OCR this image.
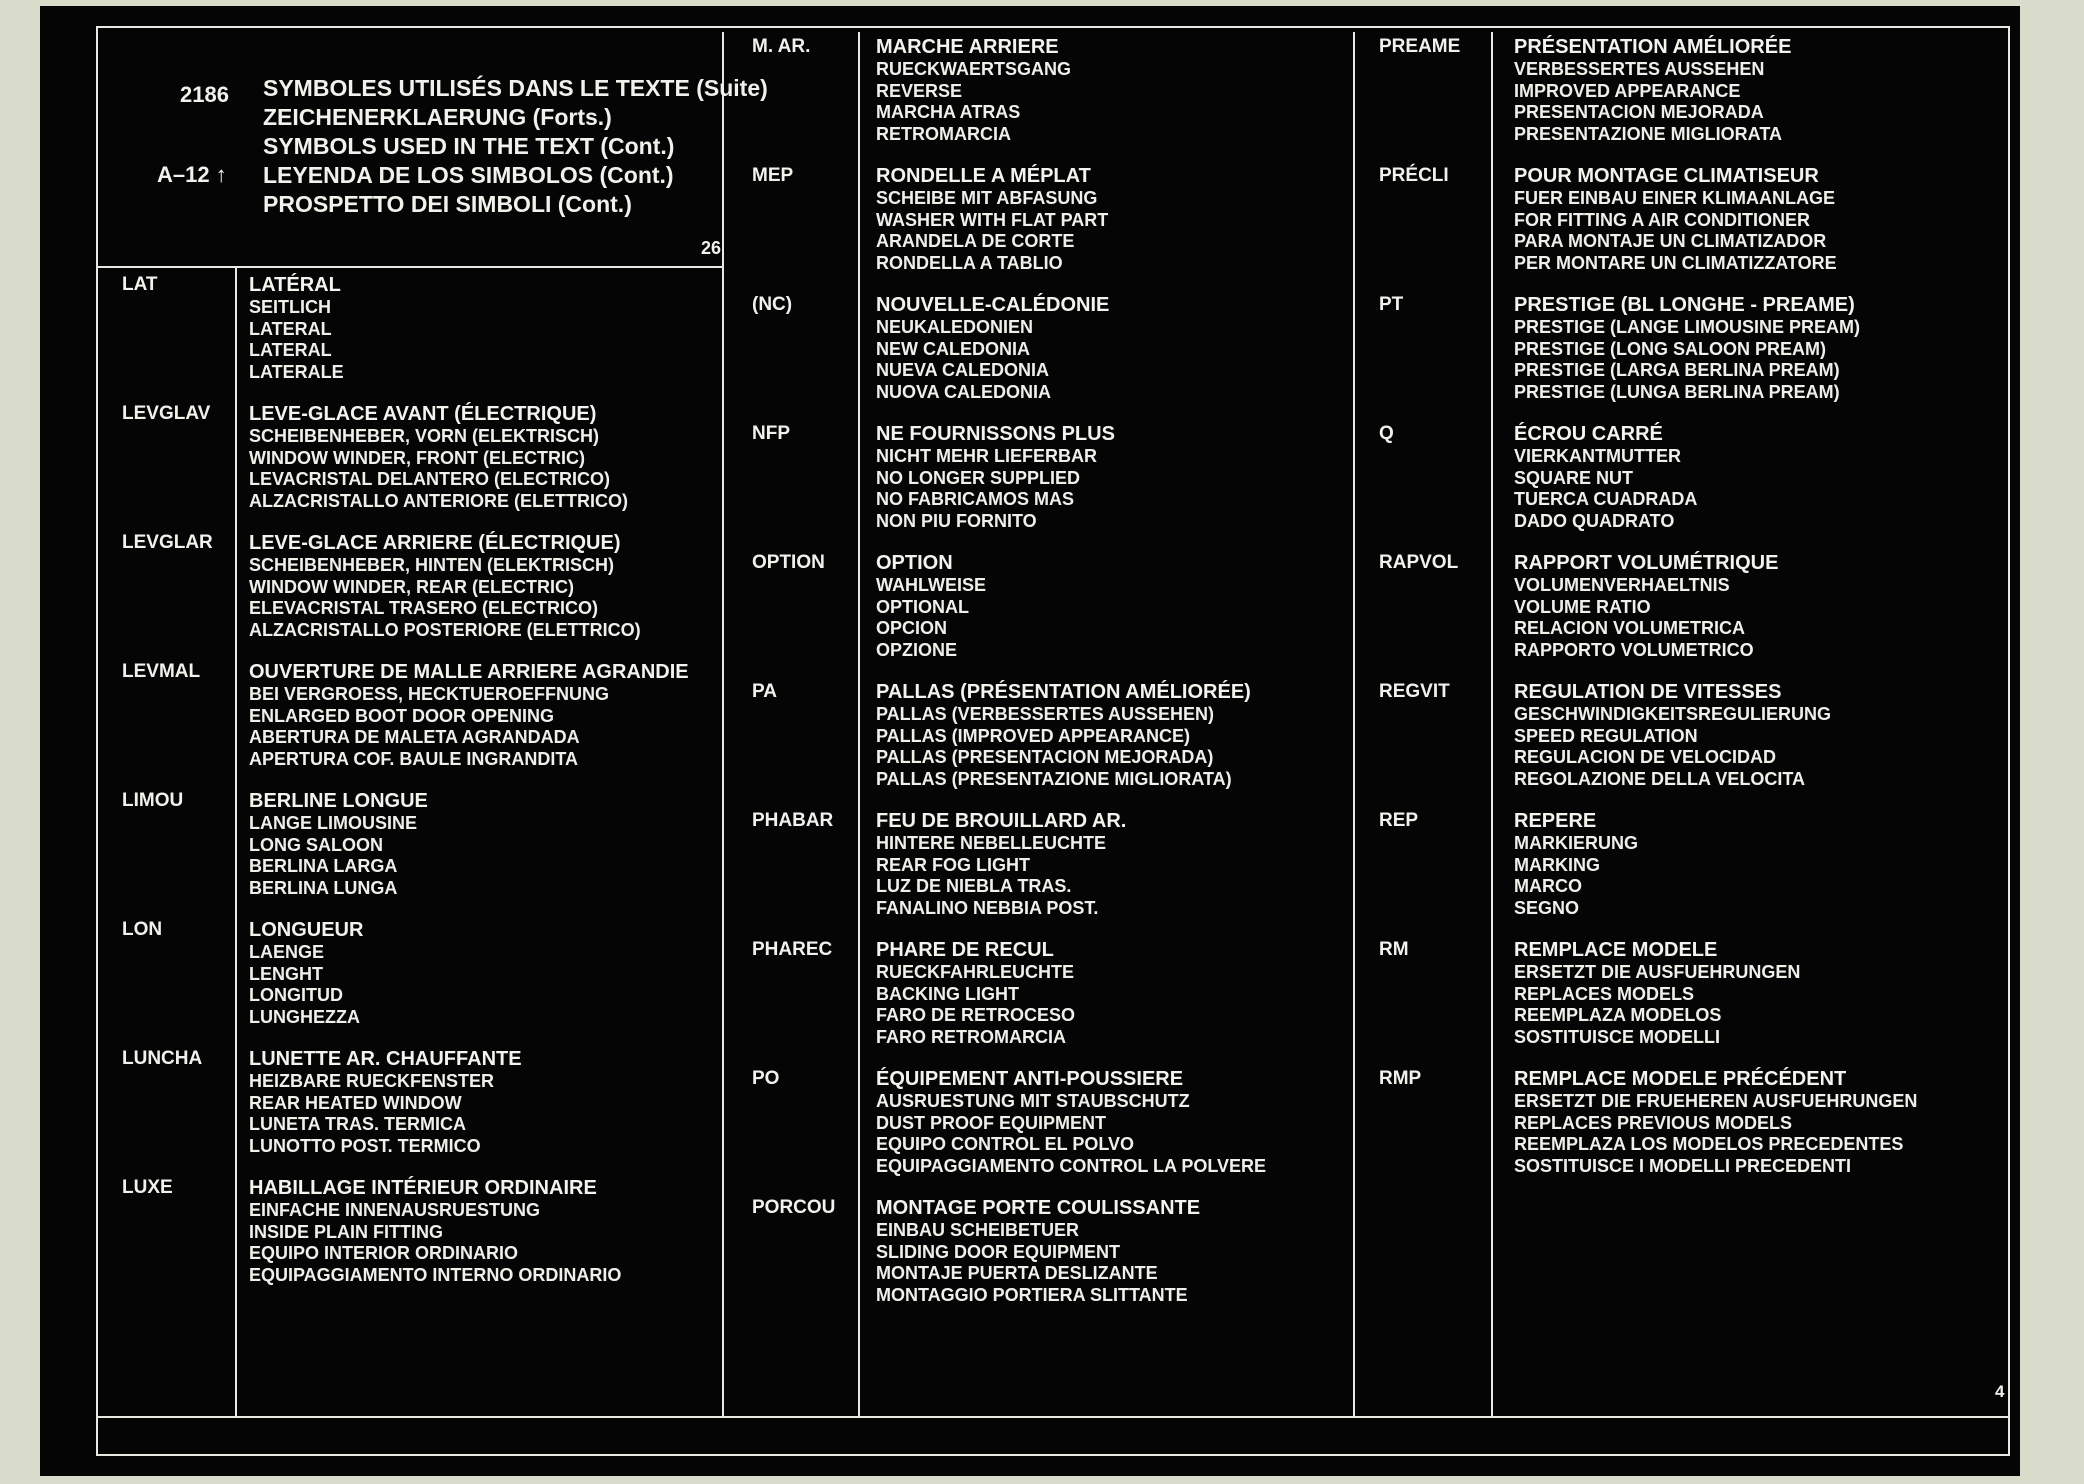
2186
A–12 ↑
SYMBOLES UTILISÉS DANS LE TEXTE (Suite)
ZEICHENERKLAERUNG (Forts.)
SYMBOLS USED IN THE TEXT (Cont.)
LEYENDA DE LOS SIMBOLOS (Cont.)
PROSPETTO DEI SIMBOLI (Cont.)
26
LAT	LATÉRAL
SEITLICH
LATERAL
LATERAL
LATERALE
LEVGLAV LEVE-GLACE AVANT (ÉLECTRIQUE)
SCHEIBENHEBER, VORN (ELEKTRISCH)
WINDOW WINDER, FRONT (ELECTRIC)
LEVACRISTAL DELANTERO (ELECTRICO)
ALZACRISTALLO ANTERIORE (ELETTRICO)
LEVGLAR LEVE-GLACE ARRIERE (ÉLECTRIQUE)
SCHEIBENHEBER, HINTEN (ELEKTRISCH)
WINDOW WINDER, REAR (ELECTRIC)
ELEVACRISTAL TRASERO (ELECTRICO)
ALZACRISTALLO POSTERIORE (ELETTRICO)
LEVMAL OUVERTURE DE MALLE ARRIERE AGRANDIE
BEI VERGROESS, HECKTUEROEFFNUNG
ENLARGED BOOT DOOR OPENING
ABERTURA DE MALETA AGRANDADA
APERTURA COF. BAULE INGRANDITA
LIMOU	BERLINE LONGUE
LANGE LIMOUSINE
LONG SALOON
BERLINA LARGA
BERLINA LUNGA
LON	LONGUEUR
LAENGE
LENGHT
LONGITUD
LUNGHEZZA
LUNCHA LUNETTE AR. CHAUFFANTE
HEIZBARE RUECKFENSTER
REAR HEATED WINDOW
LUNETA TRAS. TERMICA
LUNOTTO POST. TERMICO
LUXE	HABILLAGE INTÉRIEUR ORDINAIRE
EINFACHE INNENAUSRUESTUNG
INSIDE PLAIN FITTING
EQUIPO INTERIOR ORDINARIO
EQUIPAGGIAMENTO INTERNO ORDINARIO
M. AR.	MARCHE ARRIERE
RUECKWAERTSGANG
REVERSE
MARCHA ATRAS
RETROMARCIA
MEP	RONDELLE A MÉPLAT
SCHEIBE MIT ABFASUNG
WASHER WITH FLAT PART
ARANDELA DE CORTE
RONDELLA A TABLIO
(NC)	NOUVELLE-CALÉDONIE
NEUKALEDONIEN
NEW CALEDONIA
NUEVA CALEDONIA
NUOVA CALEDONIA
NFP	NE FOURNISSONS PLUS
NICHT MEHR LIEFERBAR
NO LONGER SUPPLIED
NO FABRICAMOS MAS
NON PIU FORNITO
OPTION	OPTION
WAHLWEISE
OPTIONAL
OPCION
OPZIONE
PA	PALLAS (PRÉSENTATION AMÉLIORÉE)
PALLAS (VERBESSERTES AUSSEHEN)
PALLAS (IMPROVED APPEARANCE)
PALLAS (PRESENTACION MEJORADA)
PALLAS (PRESENTAZIONE MIGLIORATA)
PHABAR FEU DE BROUILLARD AR.
HINTERE NEBELLEUCHTE
REAR FOG LIGHT
LUZ DE NIEBLA TRAS.
FANALINO NEBBIA POST.
PHAREC PHARE DE RECUL
RUECKFAHRLEUCHTE
BACKING LIGHT
FARO DE RETROCESO
FARO RETROMARCIA
PO	ÉQUIPEMENT ANTI-POUSSIERE
AUSRUESTUNG MIT STAUBSCHUTZ
DUST PROOF EQUIPMENT
EQUIPO CONTROL EL POLVO
EQUIPAGGIAMENTO CONTROL LA POLVERE
PORCOU MONTAGE PORTE COULISSANTE
EINBAU SCHEIBETUER
SLIDING DOOR EQUIPMENT
MONTAJE PUERTA DESLIZANTE
MONTAGGIO PORTIERA SLITTANTE
PREAME	PRÉSENTATION AMÉLIORÉE
VERBESSERTES AUSSEHEN
IMPROVED APPEARANCE
PRESENTACION MEJORADA
PRESENTAZIONE MIGLIORATA
PRÉCLI	POUR MONTAGE CLIMATISEUR
FUER EINBAU EINER KLIMAANLAGE
FOR FITTING A AIR CONDITIONER
PARA MONTAJE UN CLIMATIZADOR
PER MONTARE UN CLIMATIZZATORE
PT	PRESTIGE (BL LONGHE - PREAME)
PRESTIGE (LANGE LIMOUSINE PREAM)
PRESTIGE (LONG SALOON PREAM)
PRESTIGE (LARGA BERLINA PREAM)
PRESTIGE (LUNGA BERLINA PREAM)
Q	ÉCROU CARRÉ
VIERKANTMUTTER
SQUARE NUT
TUERCA CUADRADA
DADO QUADRATO
RAPVOL	RAPPORT VOLUMÉTRIQUE
VOLUMENVERHAELTNIS
VOLUME RATIO
RELACION VOLUMETRICA
RAPPORTO VOLUMETRICO
REGVIT	REGULATION DE VITESSES
GESCHWINDIGKEITSREGULIERUNG
SPEED REGULATION
REGULACION DE VELOCIDAD
REGOLAZIONE DELLA VELOCITA
REP	REPERE
MARKIERUNG
MARKING
MARCO
SEGNO
RM	REMPLACE MODELE
ERSETZT DIE AUSFUEHRUNGEN
REPLACES MODELS
REEMPLAZA MODELOS
SOSTITUISCE MODELLI
RMP	REMPLACE MODELE PRÉCÉDENT
ERSETZT DIE FRUEHEREN AUSFUEHRUNGEN
REPLACES PREVIOUS MODELS
REEMPLAZA LOS MODELOS PRECEDENTES
SOSTITUISCE I MODELLI PRECEDENTI
4
